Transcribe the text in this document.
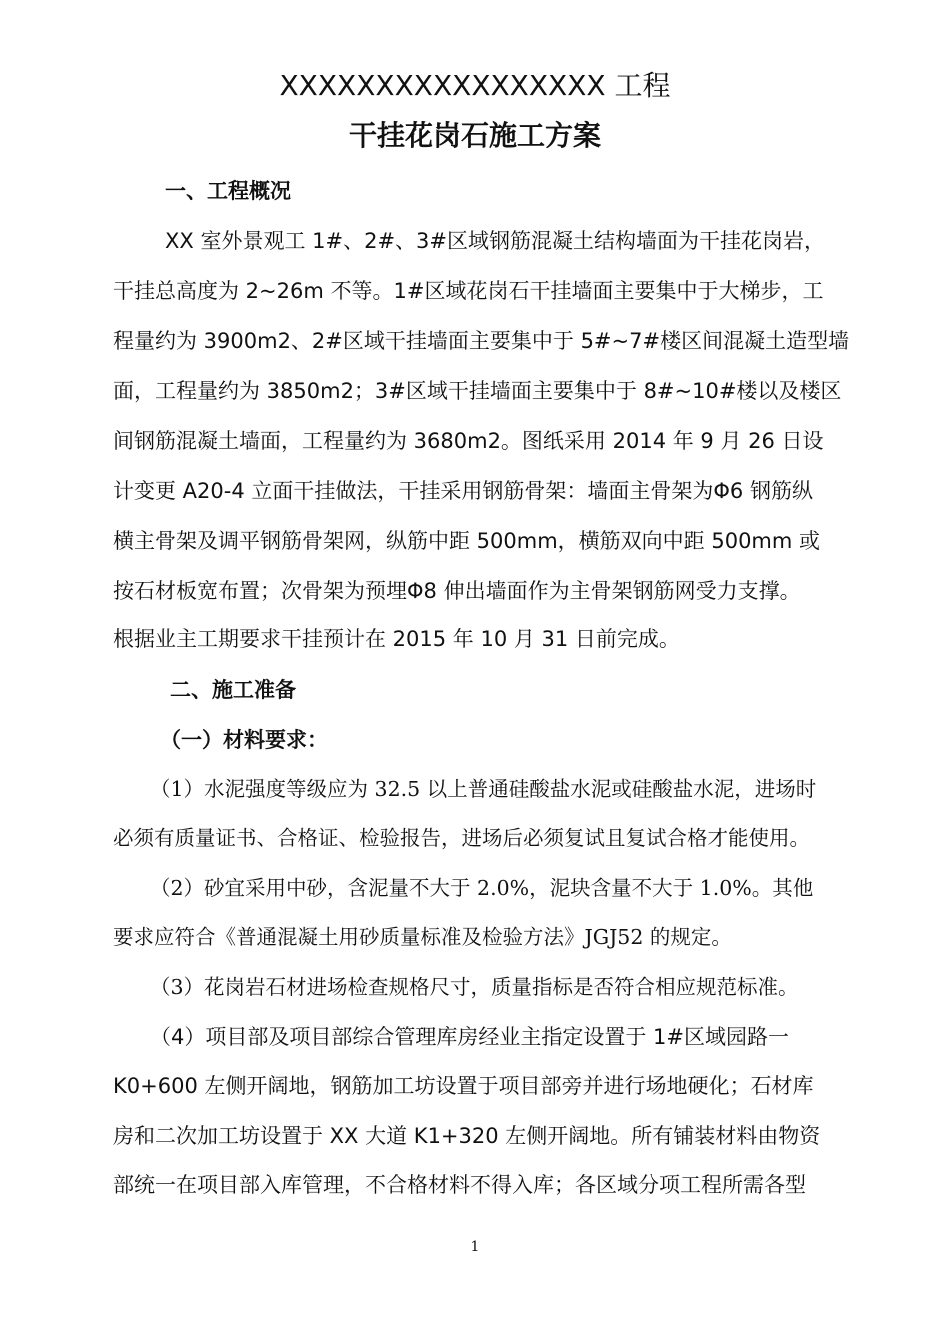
XXXXXXXXXXXXXXXXX 工程
干挂花岗石施工方案
一、工程概况
XX 室外景观工 1#、2#、3#区域钢筋混凝土结构墙面为干挂花岗岩，
干挂总高度为 2~26m 不等。1#区域花岗石干挂墙面主要集中于大梯步，工
程量约为 3900m2、2#区域干挂墙面主要集中于 5#~7#楼区间混凝土造型墙
面，工程量约为 3850m2；3#区域干挂墙面主要集中于 8#~10#楼以及楼区
间钢筋混凝土墙面，工程量约为 3680m2。图纸采用 2014 年 9 月 26 日设
计变更 A20-4 立面干挂做法，干挂采用钢筋骨架：墙面主骨架为Φ6 钢筋纵
横主骨架及调平钢筋骨架网，纵筋中距 500mm，横筋双向中距 500mm 或
按石材板宽布置；次骨架为预埋Φ8 伸出墙面作为主骨架钢筋网受力支撑。
根据业主工期要求干挂预计在 2015 年 10 月 31 日前完成。
二、施工准备
（一）材料要求：
（1）水泥强度等级应为 32.5 以上普通硅酸盐水泥或硅酸盐水泥，进场时
必须有质量证书、合格证、检验报告，进场后必须复试且复试合格才能使用。
（2）砂宜采用中砂，含泥量不大于 2.0%，泥块含量不大于 1.0%。其他
要求应符合《普通混凝土用砂质量标准及检验方法》JGJ52 的规定。
（3）花岗岩石材进场检查规格尺寸，质量指标是否符合相应规范标准。
（4）项目部及项目部综合管理库房经业主指定设置于 1#区域园路一
K0+600 左侧开阔地，钢筋加工坊设置于项目部旁并进行场地硬化；石材库
房和二次加工坊设置于 XX 大道 K1+320 左侧开阔地。所有铺装材料由物资
部统一在项目部入库管理，不合格材料不得入库；各区域分项工程所需各型
1
